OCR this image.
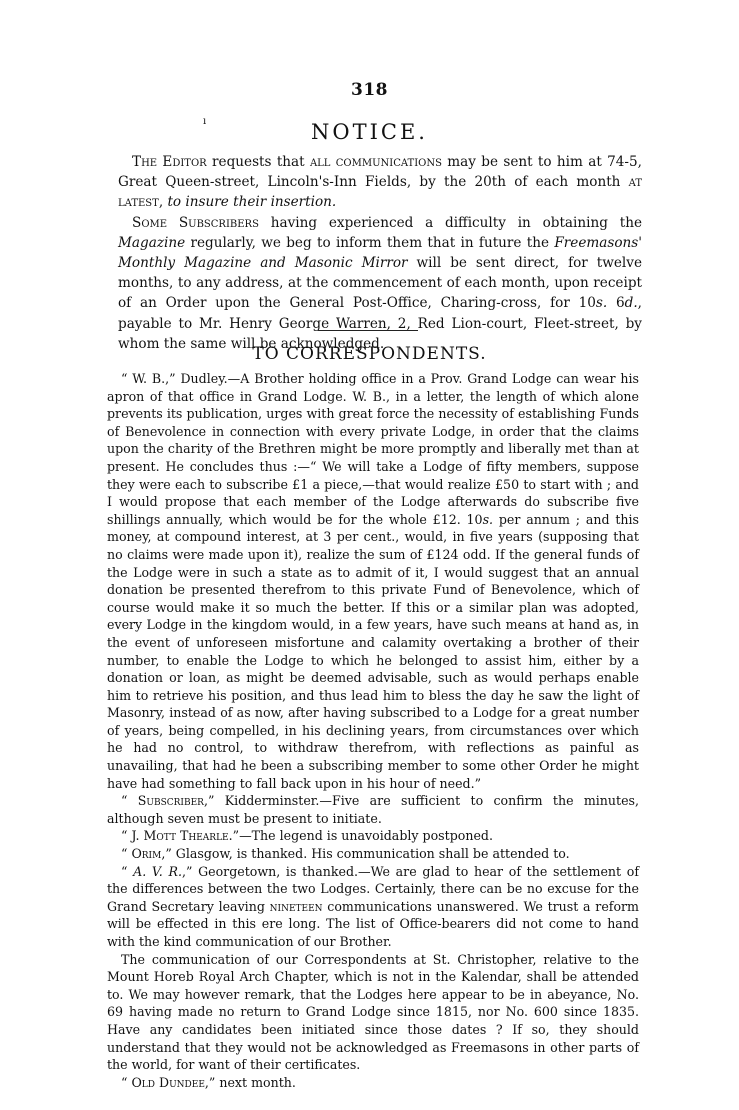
318
ı	NOTICE.

The Editor requests that all communications may be sent to him at 74-5, Great Queen-street, Lincoln's-Inn Fields, by the 20th of each month at latest, to insure their insertion.

Some Subscribers having experienced a difficulty in obtaining the Magazine regularly, we beg to inform them that in future the Freemasons' Monthly Magazine and Masonic Mirror will be sent direct, for twelve months, to any address, at the commencement of each month, upon receipt of an Order upon the General Post-Office, Charing-cross, for 10s. 6d., payable to Mr. Henry George Warren, 2, Red Lion-court, Fleet-street, by whom the same will be acknowledged.

TO CORRESPONDENTS.

“ W. B.,” Dudley.—A Brother holding office in a Prov. Grand Lodge can wear his apron of that office in Grand Lodge. W. B., in a letter, the length of which alone prevents its publication, urges with great force the necessity of establishing Funds of Benevolence in connection with every private Lodge, in order that the claims upon the charity of the Brethren might be more promptly and liberally met than at present. He concludes thus :—“ We will take a Lodge of fifty members, suppose they were each to subscribe £1 a piece,—that would realize £50 to start with ; and I would propose that each member of the Lodge afterwards do subscribe five shillings annually, which would be for the whole £12. 10s. per annum ; and this money, at compound interest, at 3 per cent., would, in five years (supposing that no claims were made upon it), realize the sum of £124 odd. If the general funds of the Lodge were in such a state as to admit of it, I would suggest that an annual donation be presented therefrom to this private Fund of Benevolence, which of course would make it so much the better. If this or a similar plan was adopted, every Lodge in the kingdom would, in a few years, have such means at hand as, in the event of unforeseen misfortune and calamity overtaking a brother of their number, to enable the Lodge to which he belonged to assist him, either by a donation or loan, as might be deemed advisable, such as would perhaps enable him to retrieve his position, and thus lead him to bless the day he saw the light of Masonry, instead of as now, after having subscribed to a Lodge for a great number of years, being compelled, in his declining years, from circumstances over which he had no control, to withdraw therefrom, with reflections as painful as unavailing, that had he been a subscribing member to some other Order he might have had something to fall back upon in his hour of need.”

“ Subscriber,” Kidderminster.—Five are sufficient to confirm the minutes, although seven must be present to initiate.

“ J. Mott Thearle.”—The legend is unavoidably postponed.

“ Orim,” Glasgow, is thanked. His communication shall be attended to.

“ A. V. R.,” Georgetown, is thanked.—We are glad to hear of the settlement of the differences between the two Lodges. Certainly, there can be no excuse for the Grand Secretary leaving nineteen communications unanswered. We trust a reform will be effected in this ere long. The list of Office-bearers did not come to hand with the kind communication of our Brother.

The communication of our Correspondents at St. Christopher, relative to the Mount Horeb Royal Arch Chapter, which is not in the Kalendar, shall be attended to. We may however remark, that the Lodges here appear to be in abeyance, No. 69 having made no return to Grand Lodge since 1815, nor No. 600 since 1835. Have any candidates been initiated since those dates ? If so, they should understand that they would not be acknowledged as Freemasons in other parts of the world, for want of their certificates.

“ Old Dundee,” next month.
